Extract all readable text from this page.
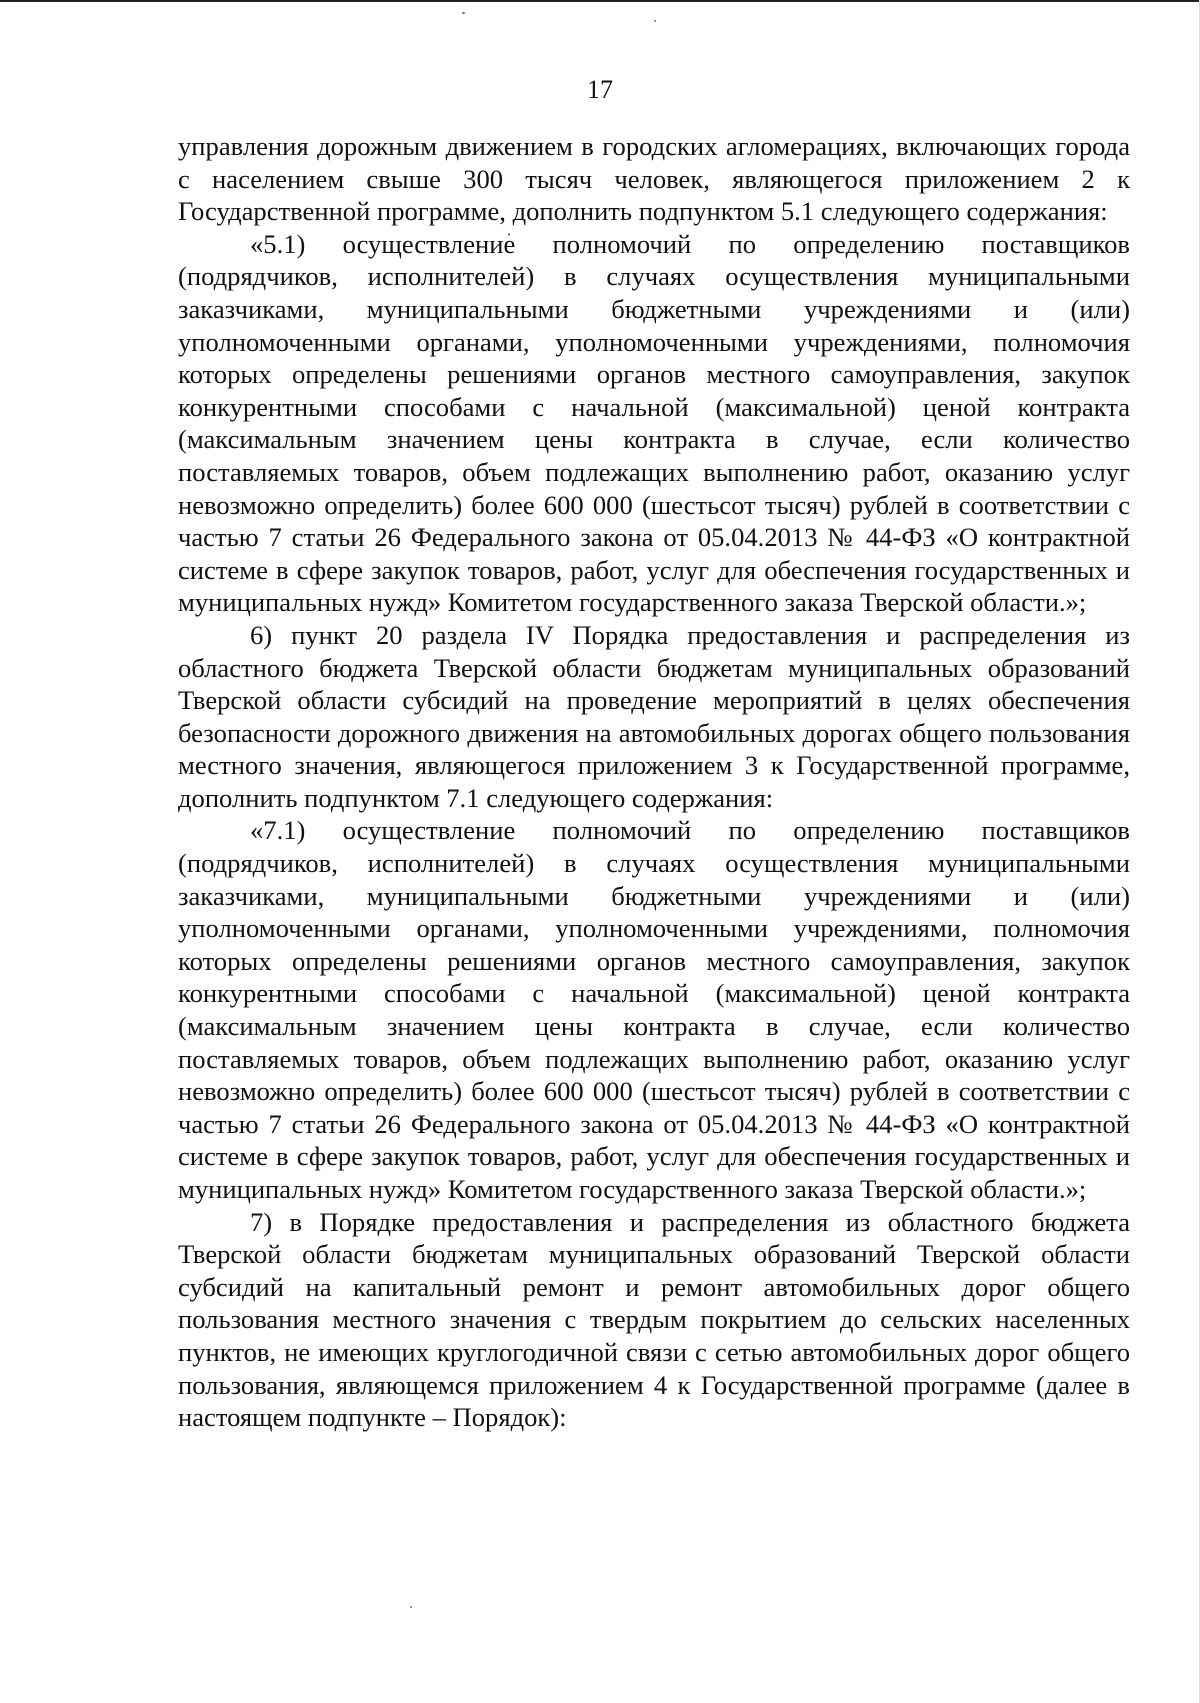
17

управления дорожным движением в городских агломерациях, включающих города с населением свыше 300 тысяч человек, являющегося приложением 2 к Государственной программе, дополнить подпунктом 5.1 следующего содержания:

«5.1) осуществление полномочий по определению поставщиков (подрядчиков, исполнителей) в случаях осуществления муниципальными заказчиками, муниципальными бюджетными учреждениями и (или) уполномоченными органами, уполномоченными учреждениями, полномочия которых определены решениями органов местного самоуправления, закупок конкурентными способами с начальной (максимальной) ценой контракта (максимальным значением цены контракта в случае, если количество поставляемых товаров, объем подлежащих выполнению работ, оказанию услуг невозможно определить) более 600 000 (шестьсот тысяч) рублей в соответствии с частью 7 статьи 26 Федерального закона от 05.04.2013 № 44-ФЗ «О контрактной системе в сфере закупок товаров, работ, услуг для обеспечения государственных и муниципальных нужд» Комитетом государственного заказа Тверской области.»;

6) пункт 20 раздела IV Порядка предоставления и распределения из областного бюджета Тверской области бюджетам муниципальных образований Тверской области субсидий на проведение мероприятий в целях обеспечения безопасности дорожного движения на автомобильных дорогах общего пользования местного значения, являющегося приложением 3 к Государственной программе, дополнить подпунктом 7.1 следующего содержания:

«7.1) осуществление полномочий по определению поставщиков (подрядчиков, исполнителей) в случаях осуществления муниципальными заказчиками, муниципальными бюджетными учреждениями и (или) уполномоченными органами, уполномоченными учреждениями, полномочия которых определены решениями органов местного самоуправления, закупок конкурентными способами с начальной (максимальной) ценой контракта (максимальным значением цены контракта в случае, если количество поставляемых товаров, объем подлежащих выполнению работ, оказанию услуг невозможно определить) более 600 000 (шестьсот тысяч) рублей в соответствии с частью 7 статьи 26 Федерального закона от 05.04.2013 № 44-ФЗ «О контрактной системе в сфере закупок товаров, работ, услуг для обеспечения государственных и муниципальных нужд» Комитетом государственного заказа Тверской области.»;

7) в Порядке предоставления и распределения из областного бюджета Тверской области бюджетам муниципальных образований Тверской области субсидий на капитальный ремонт и ремонт автомобильных дорог общего пользования местного значения с твердым покрытием до сельских населенных пунктов, не имеющих круглогодичной связи с сетью автомобильных дорог общего пользования, являющемся приложением 4 к Государственной программе (далее в настоящем подпункте – Порядок):
